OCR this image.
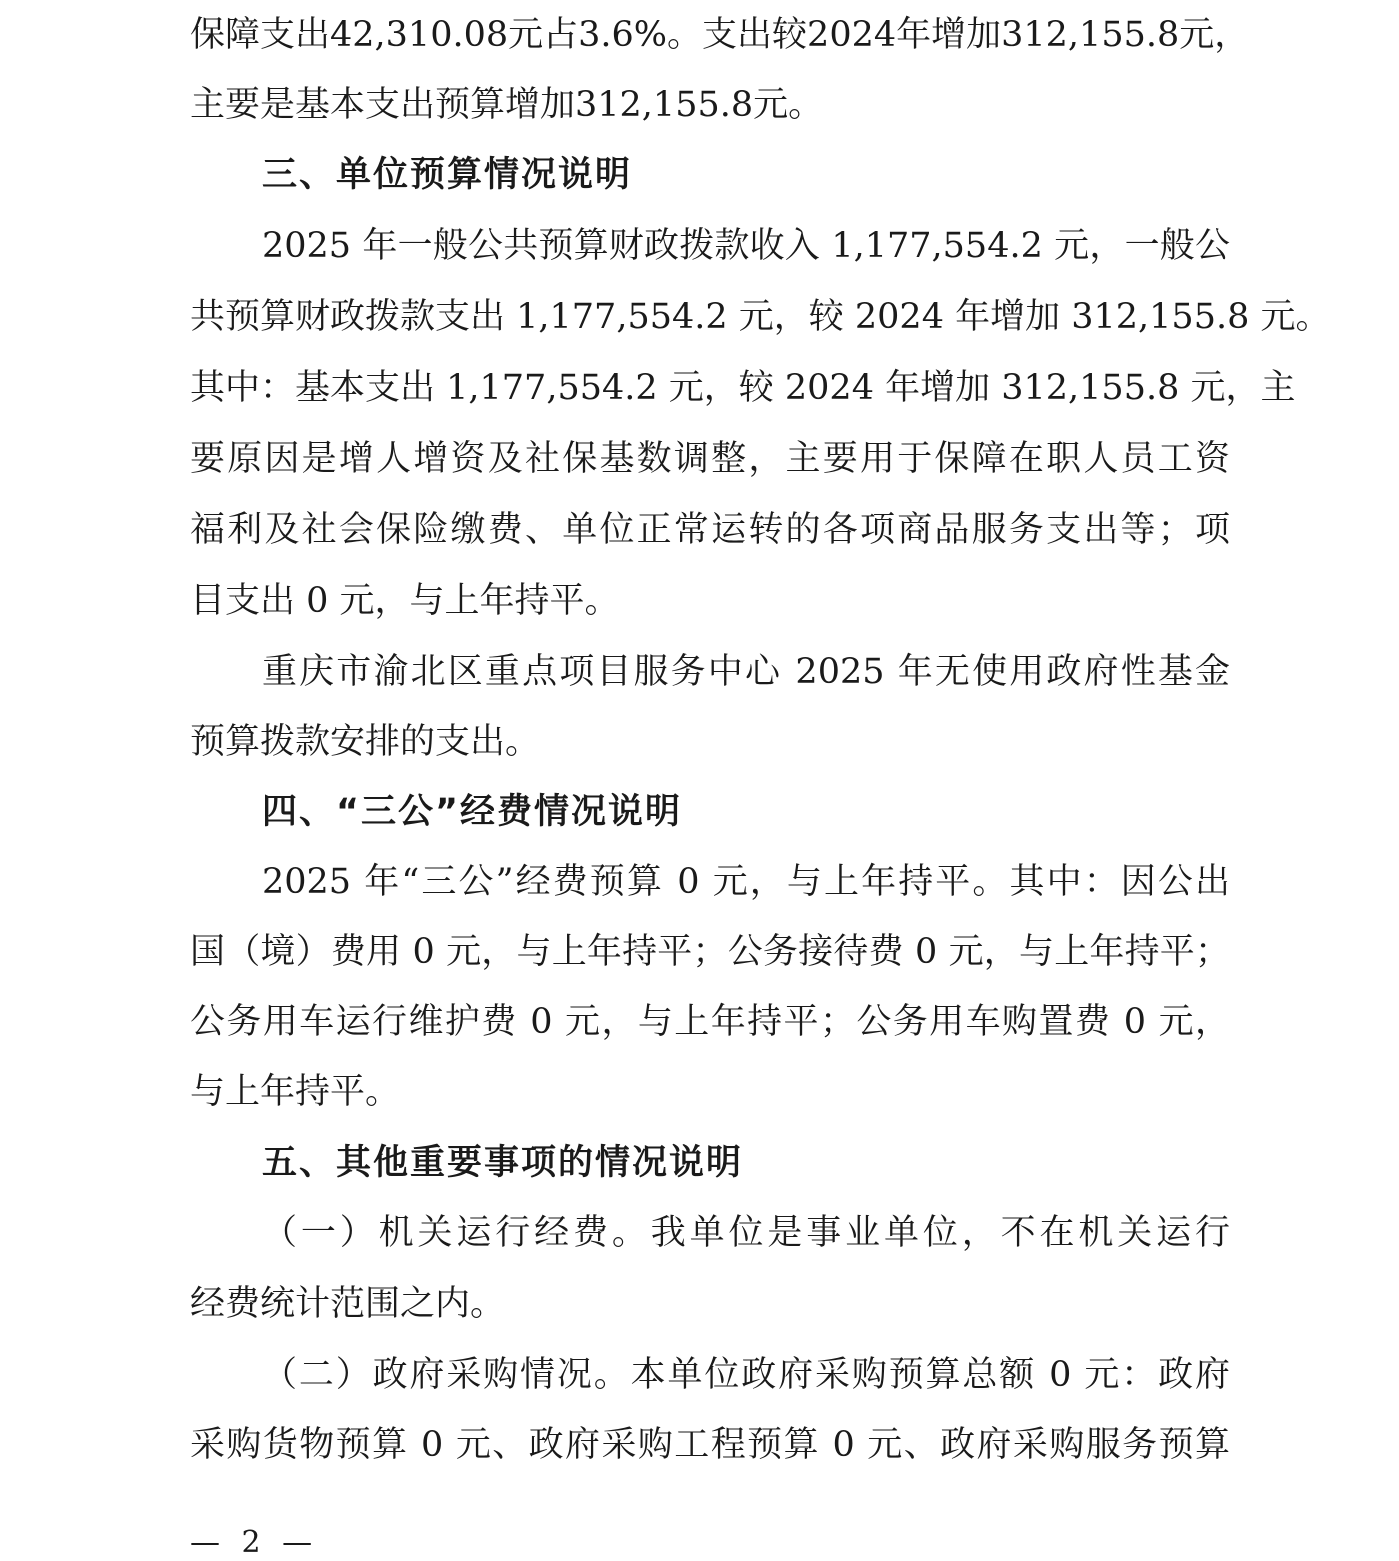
保障支出42,310.08元占3.6%。支出较2024年增加312,155.8元，
主要是基本支出预算增加312,155.8元。
三、单位预算情况说明
2025 年一般公共预算财政拨款收入 1,177,554.2 元，一般公
共预算财政拨款支出 1,177,554.2 元，较 2024 年增加 312,155.8 元。
其中：基本支出 1,177,554.2 元，较 2024 年增加 312,155.8 元，主
要原因是增人增资及社保基数调整，主要用于保障在职人员工资
福利及社会保险缴费、单位正常运转的各项商品服务支出等；项
目支出 0 元，与上年持平。
重庆市渝北区重点项目服务中心 2025 年无使用政府性基金
预算拨款安排的支出。
四、“三公”经费情况说明
2025 年“三公”经费预算 0 元，与上年持平。其中：因公出
国（境）费用 0 元，与上年持平；公务接待费 0 元，与上年持平；
公务用车运行维护费 0 元，与上年持平；公务用车购置费 0 元，
与上年持平。
五、其他重要事项的情况说明
（一）机关运行经费。我单位是事业单位，不在机关运行
经费统计范围之内。
（二）政府采购情况。本单位政府采购预算总额 0 元：政府
采购货物预算 0 元、政府采购工程预算 0 元、政府采购服务预算
— 2 —
